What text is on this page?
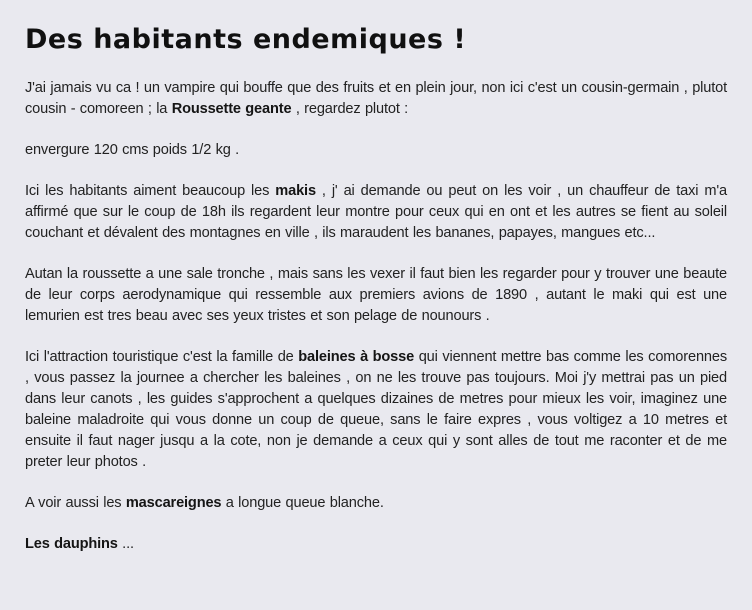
Des habitants endemiques !

J'ai jamais vu ca ! un vampire qui bouffe que des fruits et en plein jour, non ici c'est un cousin-germain , plutot cousin - comoreen ; la Roussette geante , regardez plutot :

envergure 120 cms poids 1/2 kg .

Ici les habitants aiment beaucoup les makis , j' ai demande ou peut on les voir , un chauffeur de taxi m'a affirmé que sur le coup de 18h ils regardent leur montre pour ceux qui en ont et les autres se fient au soleil couchant et dévalent des montagnes en ville , ils maraudent les bananes, papayes, mangues etc...

Autan la roussette a une sale tronche , mais sans les vexer il faut bien les regarder pour y trouver une beaute de leur corps aerodynamique qui ressemble aux premiers avions de 1890 , autant le maki qui est une lemurien est tres beau avec ses yeux tristes et son pelage de nounours .

Ici l'attraction touristique c'est la famille de baleines à bosse qui viennent mettre bas comme les comorennes , vous passez la journee a chercher les baleines , on ne les trouve pas toujours. Moi j'y mettrai pas un pied dans leur canots , les guides s'approchent a quelques dizaines de metres pour mieux les voir, imaginez une baleine maladroite qui vous donne un coup de queue, sans le faire expres , vous voltigez a 10 metres et ensuite il faut nager jusqu a la cote, non je demande a ceux qui y sont alles de tout me raconter et de me preter leur photos .

A voir aussi les mascareignes a longue queue blanche.

Les dauphins ...
